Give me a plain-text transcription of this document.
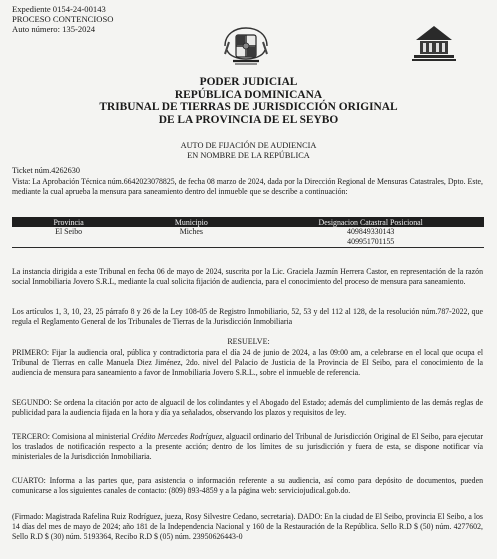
Expediente 0154-24-00143
PROCESO CONTENCIOSO
Auto número: 135-2024
PODER JUDICIAL
REPÚBLICA DOMINICANA
TRIBUNAL DE TIERRAS DE JURISDICCIÓN ORIGINAL
DE LA PROVINCIA DE EL SEYBO
AUTO DE FIJACIÓN DE AUDIENCIA
EN NOMBRE DE LA REPÚBLICA
Ticket núm.4262630
Vista: La Aprobación Técnica núm.6642023078825, de fecha 08 marzo de 2024, dada por la Dirección Regional de Mensuras Catastrales, Dpto. Este, mediante la cual aprueba la mensura para saneamiento dentro del inmueble que se describe a continuación:
Provincia	Municipio	Designacion Catastral Posicional
El Seibo	Miches	409849330143
409951701155
La instancia dirigida a este Tribunal en fecha 06 de mayo de 2024, suscrita por la Lic. Graciela Jazmín Herrera Castor, en representación de la razón social Inmobiliaria Jovero S.R.L, mediante la cual solicita fijación de audiencia, para el conocimiento del proceso de mensura para saneamiento.
Los artículos 1, 3, 10, 23, 25 párrafo 8 y 26 de la Ley 108-05 de Registro Inmobiliario, 52, 53 y del 112 al 128, de la resolución núm.787-2022, que regula el Reglamento General de los Tribunales de Tierras de la Jurisdicción Inmobiliaria
RESUELVE:
PRIMERO: Fijar la audiencia oral, pública y contradictoria para el día 24 de junio de 2024, a las 09:00 am, a celebrarse en el local que ocupa el Tribunal de Tierras en calle Manuela Diez Jiménez, 2do. nivel del Palacio de Justicia de la Provincia de El Seibo, para el conocimiento de la audiencia de mensura para saneamiento a favor de Inmobiliaria Jovero S.R.L., sobre el inmueble de referencia.
SEGUNDO: Se ordena la citación por acto de alguacil de los colindantes y el Abogado del Estado; además del cumplimiento de las demás reglas de publicidad para la audiencia fijada en la hora y día ya señalados, observando los plazos y requisitos de ley.
TERCERO: Comisiona al ministerial Crédito Mercedes Rodríguez, alguacil ordinario del Tribunal de Jurisdicción Original de El Seibo, para ejecutar los traslados de notificación respecto a la presente acción; dentro de los límites de su jurisdicción y fuera de esta, se dispone notificar vía ministeriales de la Jurisdicción Inmobiliaria.
CUARTO: Informa a las partes que, para asistencia o información referente a su audiencia, así como para depósito de documentos, pueden comunicarse a los siguientes canales de contacto: (809) 893-4859 y a la página web: serviciojudical.gob.do.
(Firmado: Magistrada Rafelina Ruiz Rodríguez, jueza, Rosy Silvestre Cedano, secretaria). DADO: En la ciudad de El Seibo, provincia El Seibo, a los 14 días del mes de mayo de 2024; año 181 de la Independencia Nacional y 160 de la Restauración de la República. Sello R.D $ (50) núm. 4277602, Sello R.D $ (30) núm. 5193364, Recibo R.D $ (05) núm. 23950626443-0
